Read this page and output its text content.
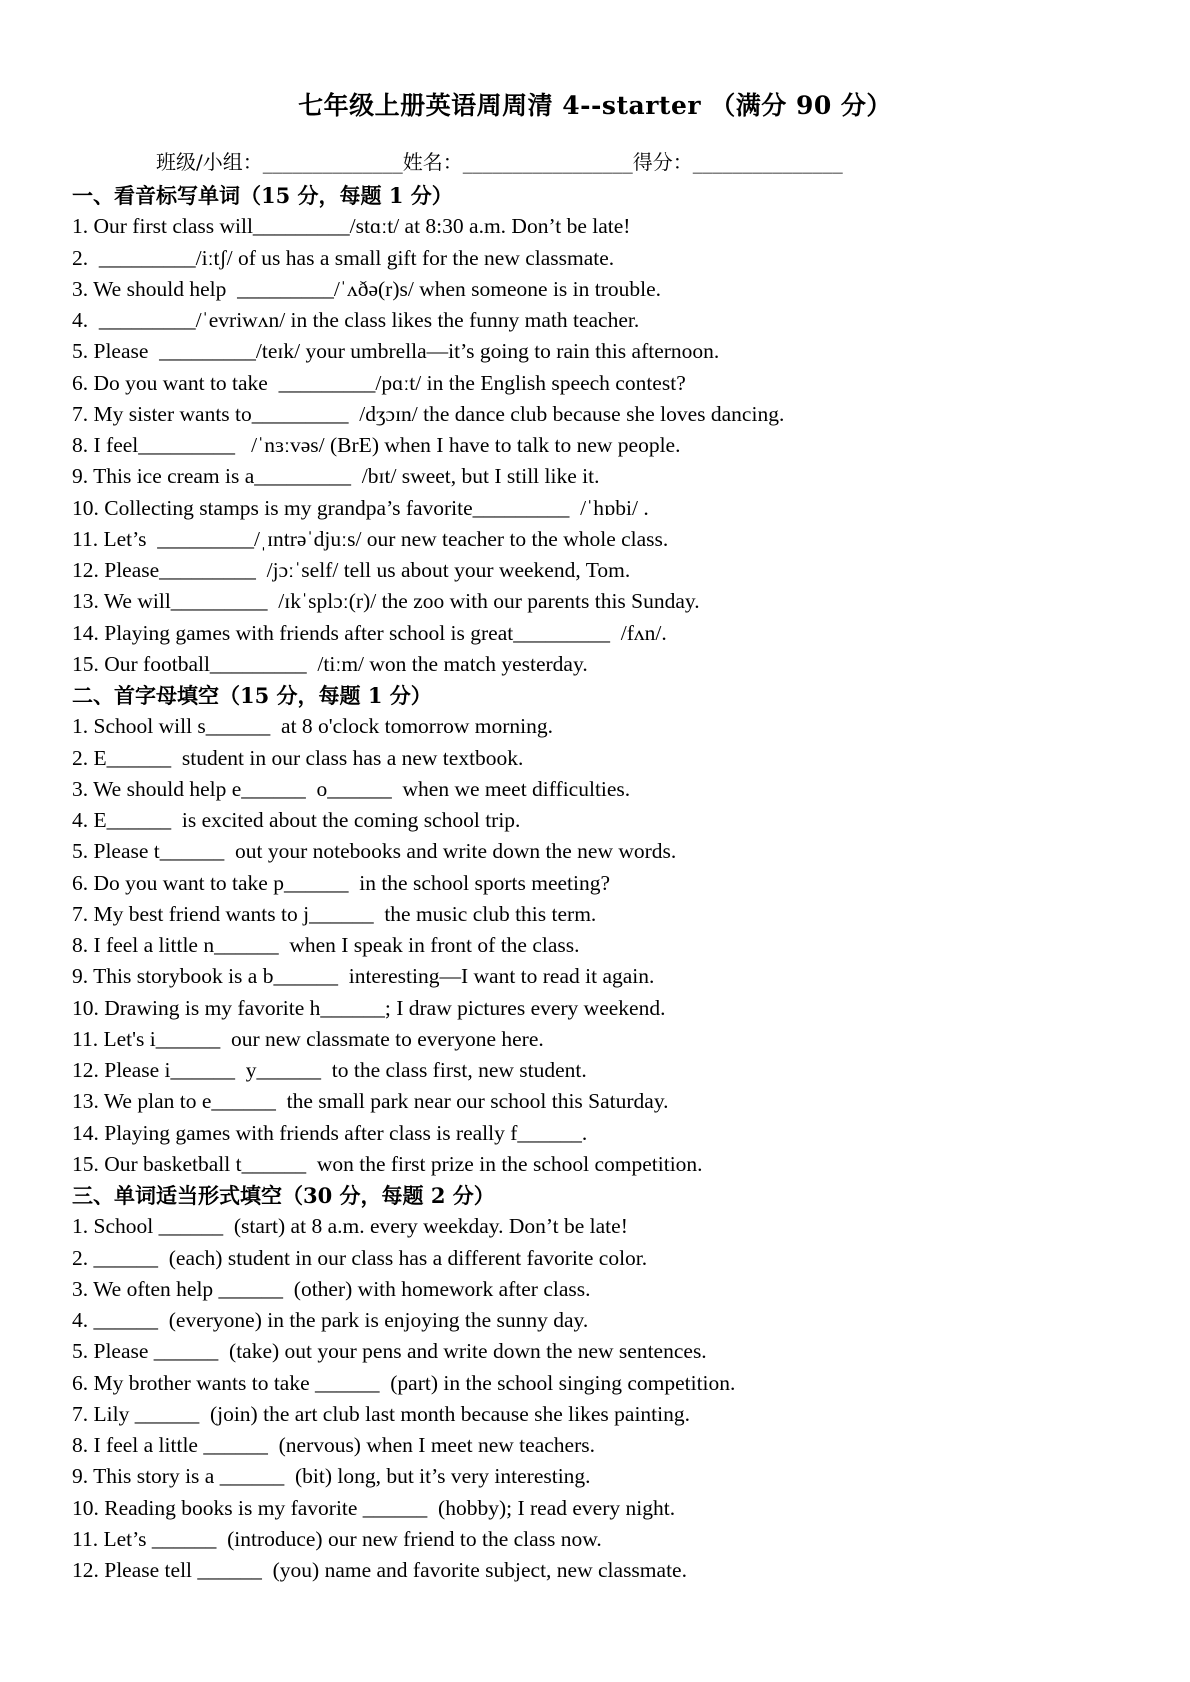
七年级上册英语周周清 4--starter （满分 90 分）
班级/小组：______________姓名：_________________得分：_______________

一、看音标写单词（15 分，每题 1 分）

1. Our first class will_________/stɑːt/ at 8:30 a.m. Don’t be late!

2.  _________/iːtʃ/ of us has a small gift for the new classmate.

3. We should help  _________/ˈʌðə(r)s/ when someone is in trouble.

4.  _________/ˈevriwʌn/ in the class likes the funny math teacher.

5. Please  _________/teɪk/ your umbrella—it’s going to rain this afternoon.

6. Do you want to take  _________/pɑːt/ in the English speech contest?

7. My sister wants to_________  /dʒɔɪn/ the dance club because she loves dancing.

8. I feel_________   /ˈnɜːvəs/ (BrE) when I have to talk to new people.

9. This ice cream is a_________  /bɪt/ sweet, but I still like it.

10. Collecting stamps is my grandpa’s favorite_________  /ˈhɒbi/ .

11. Let’s  _________/ˌɪntrəˈdjuːs/ our new teacher to the whole class.

12. Please_________  /jɔːˈself/ tell us about your weekend, Tom.

13. We will_________  /ɪkˈsplɔː(r)/ the zoo with our parents this Sunday.

14. Playing games with friends after school is great_________  /fʌn/.

15. Our football_________  /tiːm/ won the match yesterday.

二、首字母填空（15 分，每题 1 分）

1. School will s______  at 8 o'clock tomorrow morning.

2. E______  student in our class has a new textbook.

3. We should help e______  o______  when we meet difficulties.

4. E______  is excited about the coming school trip.

5. Please t______  out your notebooks and write down the new words.

6. Do you want to take p______  in the school sports meeting?

7. My best friend wants to j______  the music club this term.

8. I feel a little n______  when I speak in front of the class.

9. This storybook is a b______  interesting—I want to read it again.

10. Drawing is my favorite h______; I draw pictures every weekend.

11. Let's i______  our new classmate to everyone here.

12. Please i______  y______  to the class first, new student.

13. We plan to e______  the small park near our school this Saturday.

14. Playing games with friends after class is really f______.

15. Our basketball t______  won the first prize in the school competition.

三、单词适当形式填空（30 分，每题 2 分）

1. School ______  (start) at 8 a.m. every weekday. Don’t be late!

2. ______  (each) student in our class has a different favorite color.

3. We often help ______  (other) with homework after class.

4. ______  (everyone) in the park is enjoying the sunny day.

5. Please ______  (take) out your pens and write down the new sentences.

6. My brother wants to take ______  (part) in the school singing competition.

7. Lily ______  (join) the art club last month because she likes painting.

8. I feel a little ______  (nervous) when I meet new teachers.

9. This story is a ______  (bit) long, but it’s very interesting.

10. Reading books is my favorite ______  (hobby); I read every night.

11. Let’s ______  (introduce) our new friend to the class now.

12. Please tell ______  (you) name and favorite subject, new classmate.
